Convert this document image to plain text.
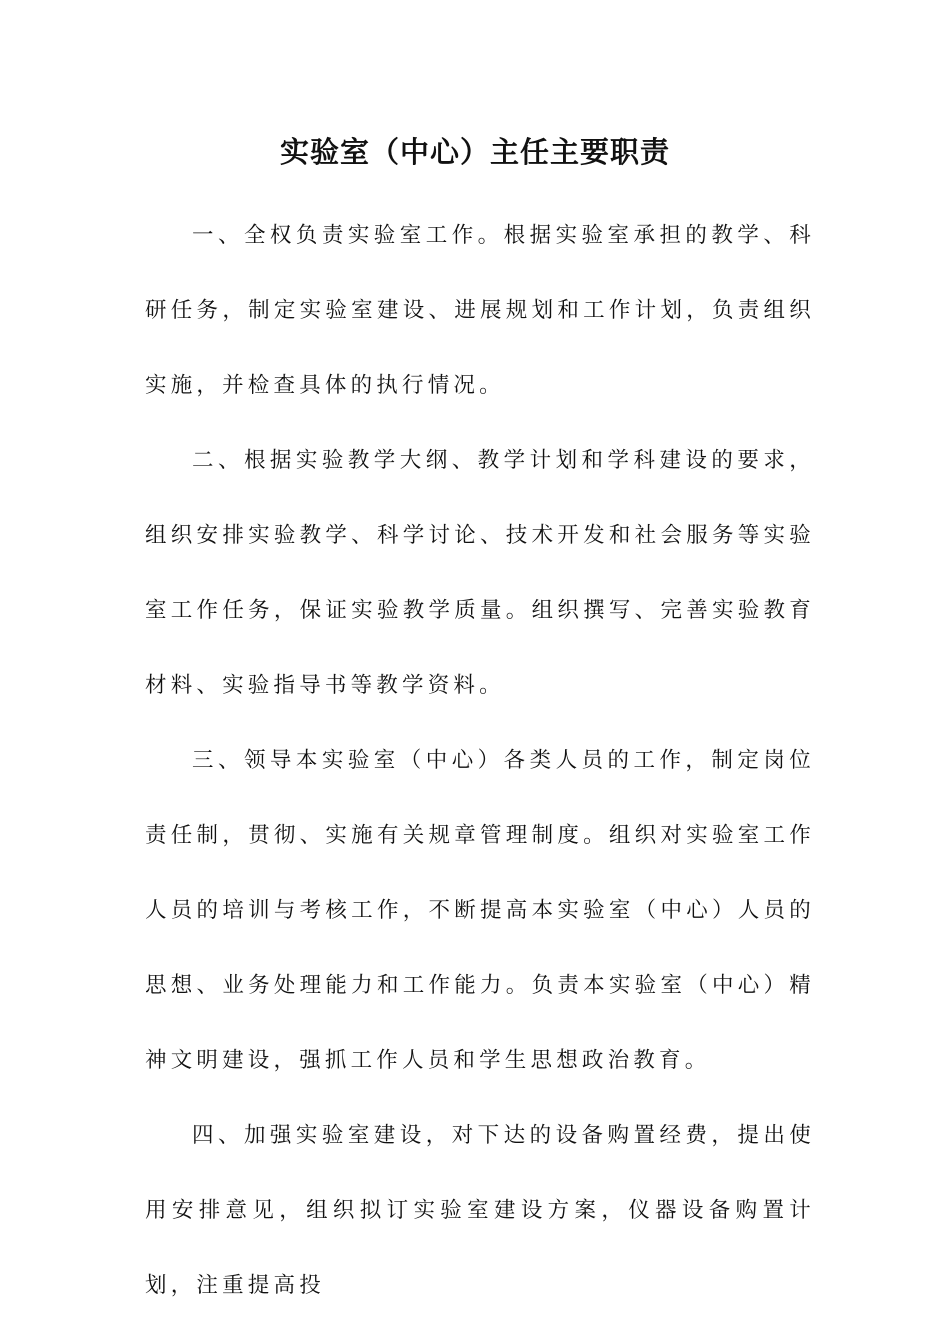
实验室（中心）主任主要职责

一、全权负责实验室工作。根据实验室承担的教学、科研任务，制定实验室建设、进展规划和工作计划，负责组织实施，并检查具体的执行情况。

二、根据实验教学大纲、教学计划和学科建设的要求，组织安排实验教学、科学讨论、技术开发和社会服务等实验室工作任务，保证实验教学质量。组织撰写、完善实验教育材料、实验指导书等教学资料。

三、领导本实验室（中心）各类人员的工作，制定岗位责任制，贯彻、实施有关规章管理制度。组织对实验室工作人员的培训与考核工作，不断提高本实验室（中心）人员的思想、业务处理能力和工作能力。负责本实验室（中心）精神文明建设，强抓工作人员和学生思想政治教育。

四、加强实验室建设，对下达的设备购置经费，提出使用安排意见，组织拟订实验室建设方案，仪器设备购置计划，注重提高投
